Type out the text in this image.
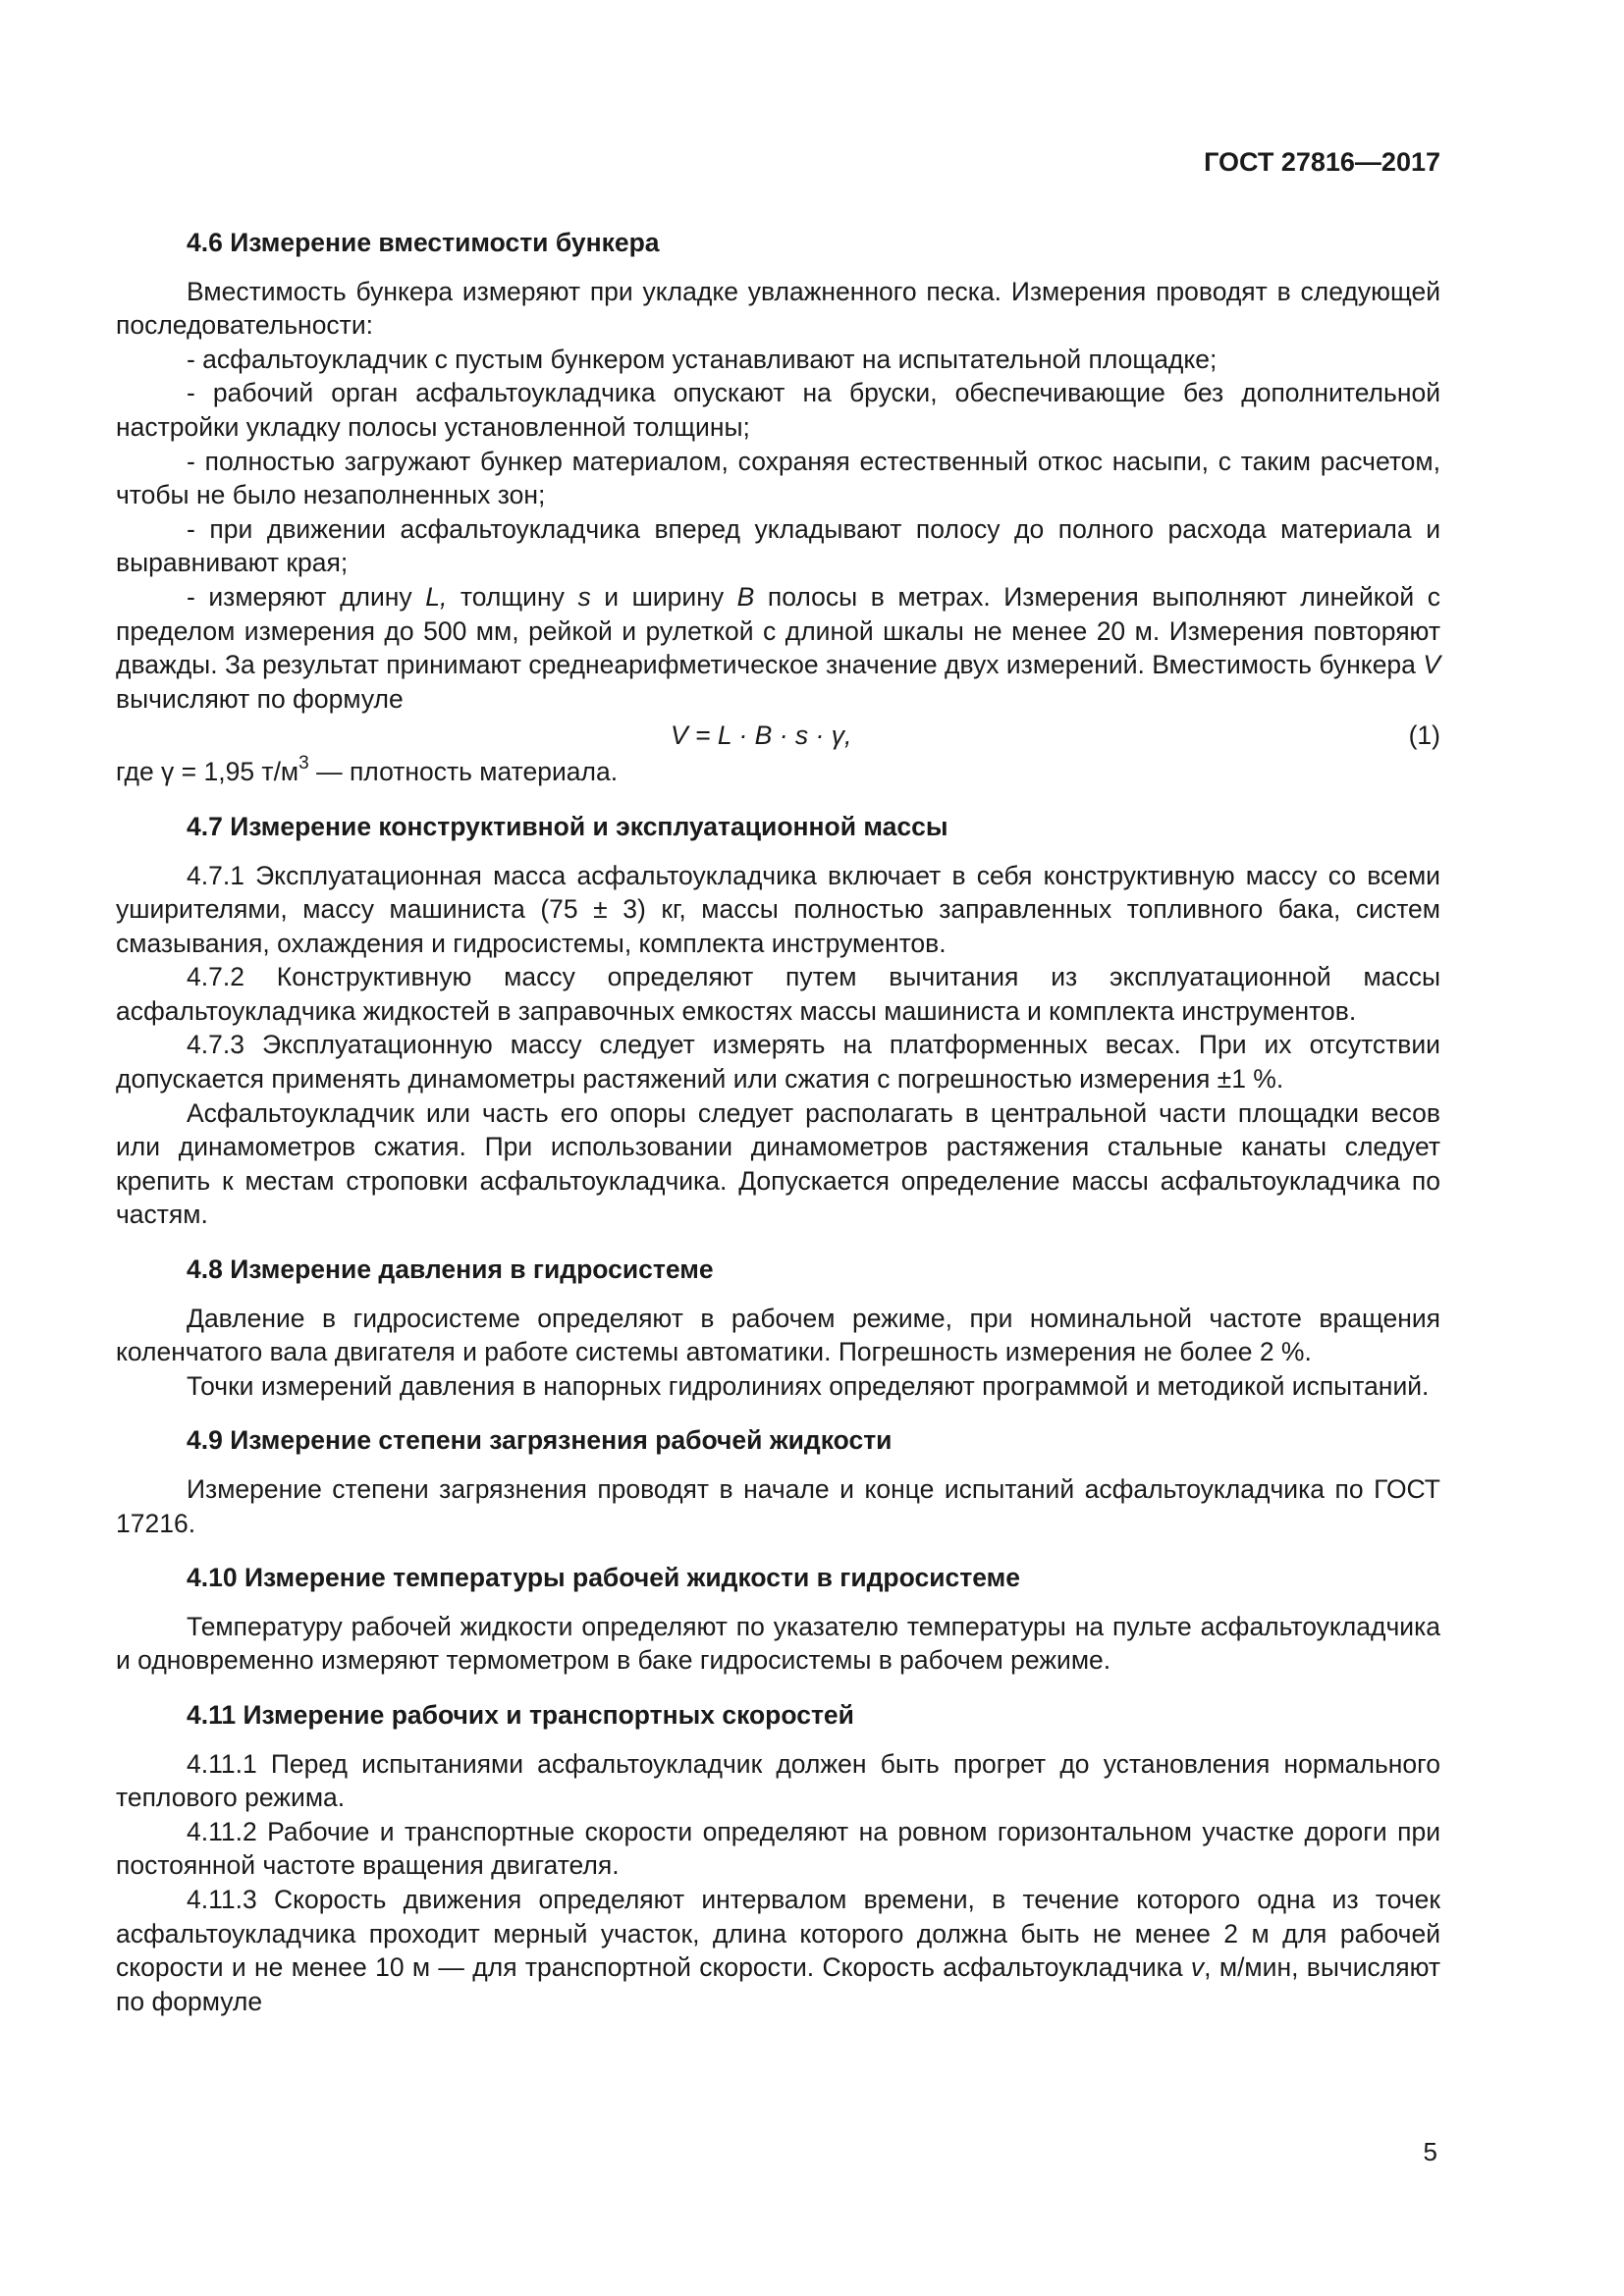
ГОСТ 27816—2017
4.6 Измерение вместимости бункера

Вместимость бункера измеряют при укладке увлажненного песка. Измерения проводят в следующей последовательности:

- асфальтоукладчик с пустым бункером устанавливают на испытательной площадке;

- рабочий орган асфальтоукладчика опускают на бруски, обеспечивающие без дополнительной настройки укладку полосы установленной толщины;

- полностью загружают бункер материалом, сохраняя естественный откос насыпи, с таким расчетом, чтобы не было незаполненных зон;

- при движении асфальтоукладчика вперед укладывают полосу до полного расхода материала и выравнивают края;

- измеряют длину L, толщину s и ширину B полосы в метрах. Измерения выполняют линейкой с пределом измерения до 500 мм, рейкой и рулеткой с длиной шкалы не менее 20 м. Измерения повторяют дважды. За результат принимают среднеарифметическое значение двух измерений. Вместимость бункера V вычисляют по формуле

V = L · B · s · γ,	(1)

где γ = 1,95 $т/м^3$ — плотность материала.

4.7 Измерение конструктивной и эксплуатационной массы

4.7.1 Эксплуатационная масса асфальтоукладчика включает в себя конструктивную массу со всеми уширителями, массу машиниста (75 ± 3) кг, массы полностью заправленных топливного бака, систем смазывания, охлаждения и гидросистемы, комплекта инструментов.

4.7.2 Конструктивную массу определяют путем вычитания из эксплуатационной массы асфальтоукладчика жидкостей в заправочных емкостях массы машиниста и комплекта инструментов.

4.7.3 Эксплуатационную массу следует измерять на платформенных весах. При их отсутствии допускается применять динамометры растяжений или сжатия с погрешностью измерения ±1 %.

Асфальтоукладчик или часть его опоры следует располагать в центральной части площадки весов или динамометров сжатия. При использовании динамометров растяжения стальные канаты следует крепить к местам строповки асфальтоукладчика. Допускается определение массы асфальтоукладчика по частям.

4.8 Измерение давления в гидросистеме

Давление в гидросистеме определяют в рабочем режиме, при номинальной частоте вращения коленчатого вала двигателя и работе системы автоматики. Погрешность измерения не более 2 %.

Точки измерений давления в напорных гидролиниях определяют программой и методикой испытаний.

4.9 Измерение степени загрязнения рабочей жидкости

Измерение степени загрязнения проводят в начале и конце испытаний асфальтоукладчика по ГОСТ 17216.

4.10 Измерение температуры рабочей жидкости в гидросистеме

Температуру рабочей жидкости определяют по указателю температуры на пульте асфальтоукладчика и одновременно измеряют термометром в баке гидросистемы в рабочем режиме.

4.11 Измерение рабочих и транспортных скоростей

4.11.1 Перед испытаниями асфальтоукладчик должен быть прогрет до установления нормального теплового режима.

4.11.2 Рабочие и транспортные скорости определяют на ровном горизонтальном участке дороги при постоянной частоте вращения двигателя.

4.11.3 Скорость движения определяют интервалом времени, в течение которого одна из точек асфальтоукладчика проходит мерный участок, длина которого должна быть не менее 2 м для рабочей скорости и не менее 10 м — для транспортной скорости. Скорость асфальтоукладчика v, м/мин, вычисляют по формуле

5
